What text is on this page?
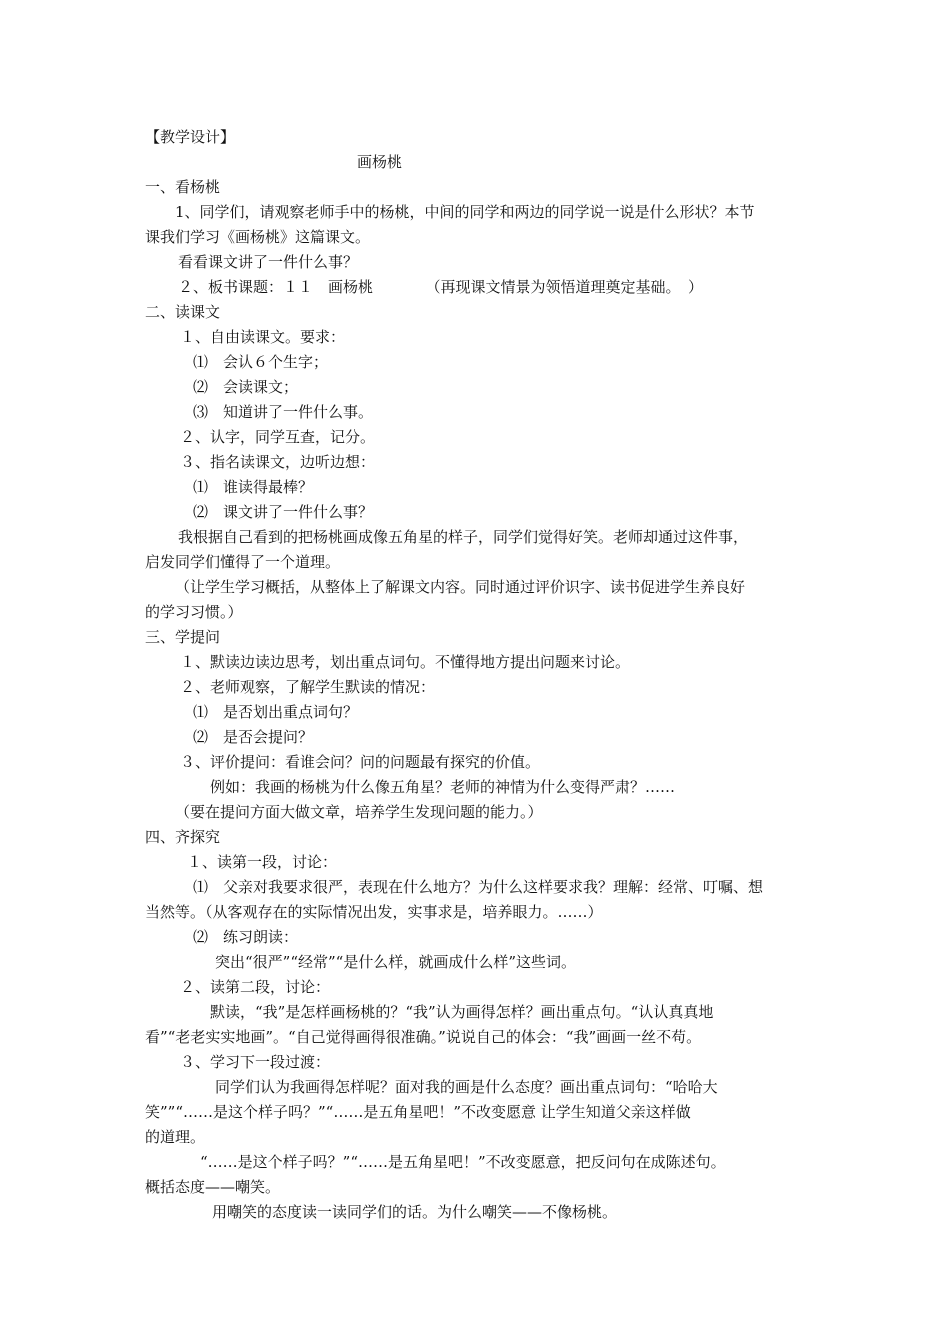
【教学设计】
画杨桃
一、看杨桃
1、同学们，请观察老师手中的杨桃，中间的同学和两边的同学说一说是什么形状？本节
课我们学习《画杨桃》这篇课文。
看看课文讲了一件什么事？
２、板书课题：１１　画杨桃　　　　（再现课文情景为领悟道理奠定基础。　）
二、读课文
１、自由读课文。要求：
⑴　会认６个生字；
⑵　会读课文；
⑶　知道讲了一件什么事。
２、认字，同学互查，记分。
３、指名读课文，边听边想：
⑴　谁读得最棒？
⑵　课文讲了一件什么事？
我根据自己看到的把杨桃画成像五角星的样子，同学们觉得好笑。老师却通过这件事，
启发同学们懂得了一个道理。
（让学生学习概括，从整体上了解课文内容。同时通过评价识字、读书促进学生养良好
的学习习惯。）
三、学提问
１、默读边读边思考，划出重点词句。不懂得地方提出问题来讨论。
２、老师观察，了解学生默读的情况：
⑴　是否划出重点词句？
⑵　是否会提问？
３、评价提问：看谁会问？问的问题最有探究的价值。
例如：我画的杨桃为什么像五角星？老师的神情为什么变得严肃？……
（要在提问方面大做文章，培养学生发现问题的能力。）
四、齐探究
１、读第一段，讨论：
⑴　父亲对我要求很严，表现在什么地方？为什么这样要求我？理解：经常、叮嘱、想
当然等。（从客观存在的实际情况出发，实事求是，培养眼力。……）
⑵　练习朗读：
突出“很严”“经常”“是什么样，就画成什么样”这些词。
２、读第二段，讨论：
默读，“我”是怎样画杨桃的？“我”认为画得怎样？画出重点句。“认认真真地
看”“老老实实地画”。“自己觉得画得很准确。”说说自己的体会：“我”画画一丝不苟。
３、学习下一段过渡：
同学们认为我画得怎样呢？面对我的画是什么态度？画出重点词句：“哈哈大
笑””“……是这个样子吗？”“……是五角星吧！”不改变愿意 让学生知道父亲这样做
的道理。
“……是这个样子吗？”“……是五角星吧！”不改变愿意，把反问句在成陈述句。
概括态度——嘲笑。
用嘲笑的态度读一读同学们的话。为什么嘲笑——不像杨桃。
